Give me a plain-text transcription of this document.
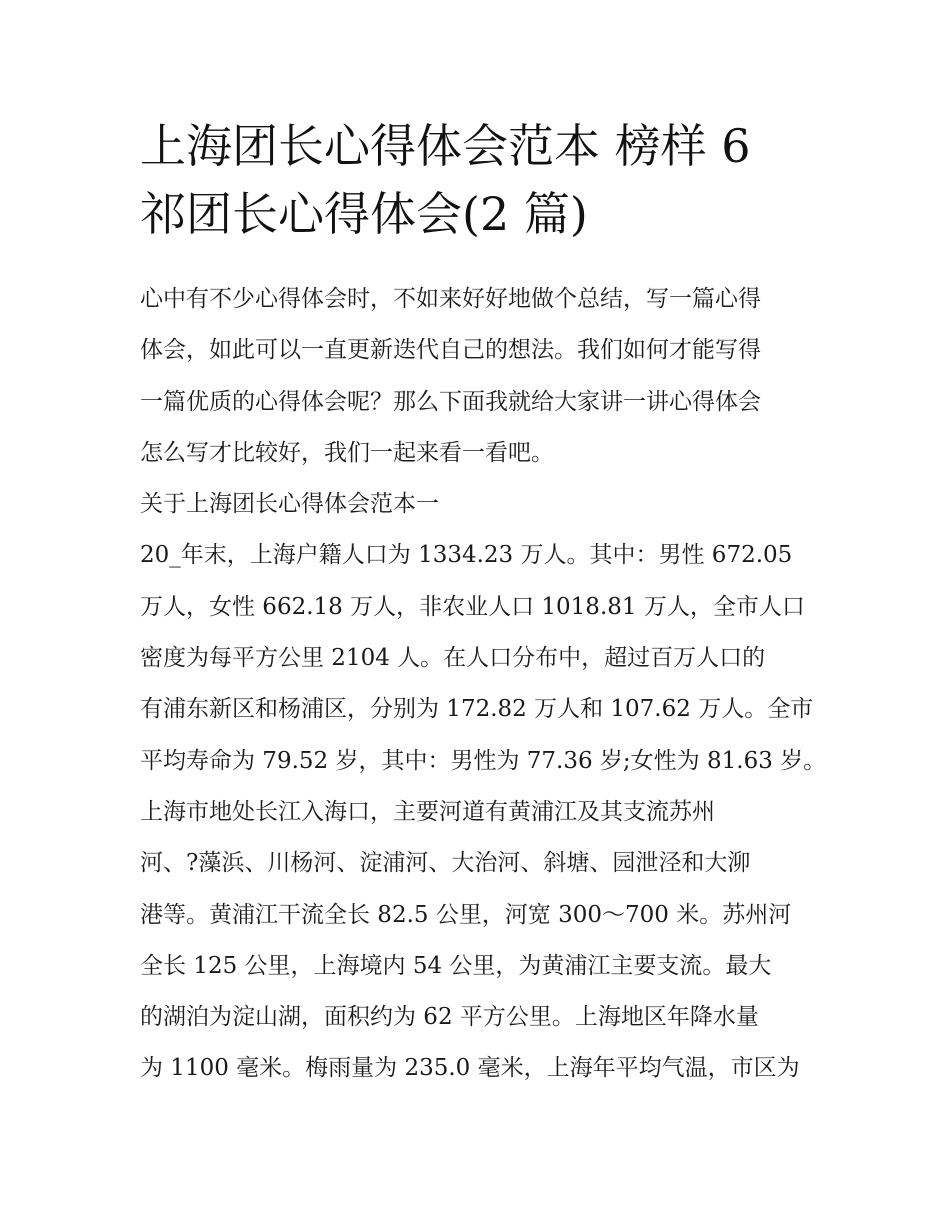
上海团长心得体会范本 榜样 6
祁团长心得体会(2 篇)
心中有不少心得体会时，不如来好好地做个总结，写一篇心得
体会，如此可以一直更新迭代自己的想法。我们如何才能写得
一篇优质的心得体会呢？那么下面我就给大家讲一讲心得体会
怎么写才比较好，我们一起来看一看吧。
关于上海团长心得体会范本一
20_年末，上海户籍人口为 1334.23 万人。其中：男性 672.05
万人，女性 662.18 万人，非农业人口 1018.81 万人，全市人口
密度为每平方公里 2104 人。在人口分布中，超过百万人口的
有浦东新区和杨浦区，分别为 172.82 万人和 107.62 万人。全市
平均寿命为 79.52 岁，其中：男性为 77.36 岁;女性为 81.63 岁。
上海市地处长江入海口，主要河道有黄浦江及其支流苏州
河、?藻浜、川杨河、淀浦河、大治河、斜塘、园泄泾和大泖
港等。黄浦江干流全长 82.5 公里，河宽 300～700 米。苏州河
全长 125 公里，上海境内 54 公里，为黄浦江主要支流。最大
的湖泊为淀山湖，面积约为 62 平方公里。上海地区年降水量
为 1100 毫米。梅雨量为 235.0 毫米，上海年平均气温，市区为
